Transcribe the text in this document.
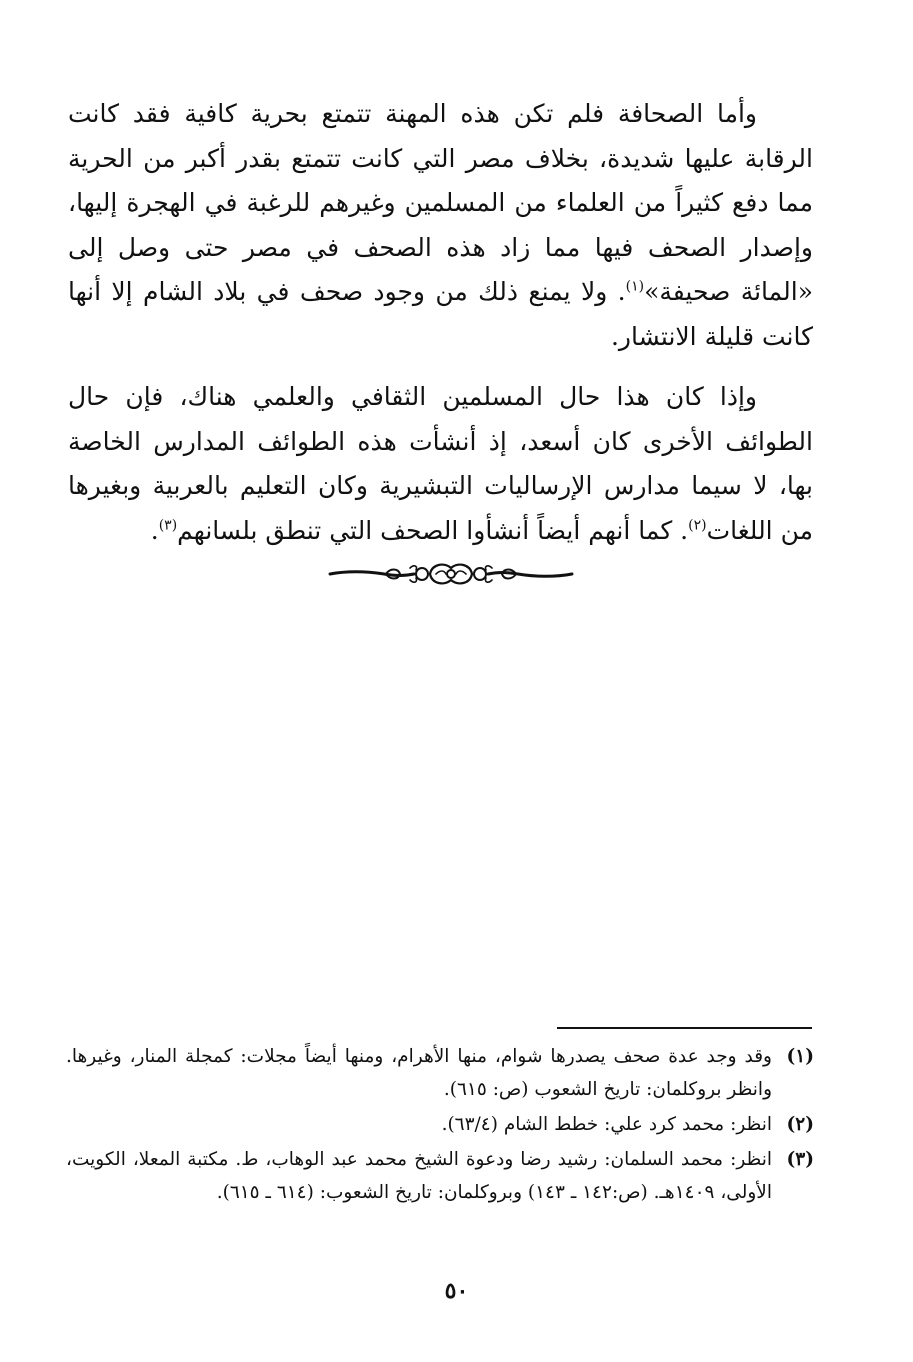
وأما الصحافة فلم تكن هذه المهنة تتمتع بحرية كافية فقد كانت الرقابة عليها شديدة، بخلاف مصر التي كانت تتمتع بقدر أكبر من الحرية مما دفع كثيراً من العلماء من المسلمين وغيرهم للرغبة في الهجرة إليها، وإصدار الصحف فيها مما زاد هذه الصحف في مصر حتى وصل إلى «المائة صحيفة»$^{(١)}$. ولا يمنع ذلك من وجود صحف في بلاد الشام إلا أنها كانت قليلة الانتشار.

وإذا كان هذا حال المسلمين الثقافي والعلمي هناك، فإن حال الطوائف الأخرى كان أسعد، إذ أنشأت هذه الطوائف المدارس الخاصة بها، لا سيما مدارس الإرساليات التبشيرية وكان التعليم بالعربية وبغيرها من اللغات$^{(٢)}$. كما أنهم أيضاً أنشأوا الصحف التي تنطق بلسانهم$^{(٣)}$.

(١)
وقد وجد عدة صحف يصدرها شوام، منها الأهرام، ومنها أيضاً مجلات: كمجلة المنار، وغيرها. وانظر بروكلمان: تاريخ الشعوب (ص: ٦١٥).
(٢)
انظر: محمد كرد علي: خطط الشام (٦٣/٤).
(٣)
انظر: محمد السلمان: رشيد رضا ودعوة الشيخ محمد عبد الوهاب، ط. مكتبة المعلا، الكويت، الأولى، ١٤٠٩هـ. (ص:١٤٢ ـ ١٤٣) وبروكلمان: تاريخ الشعوب: (٦١٤ ـ ٦١٥).
٥٠
